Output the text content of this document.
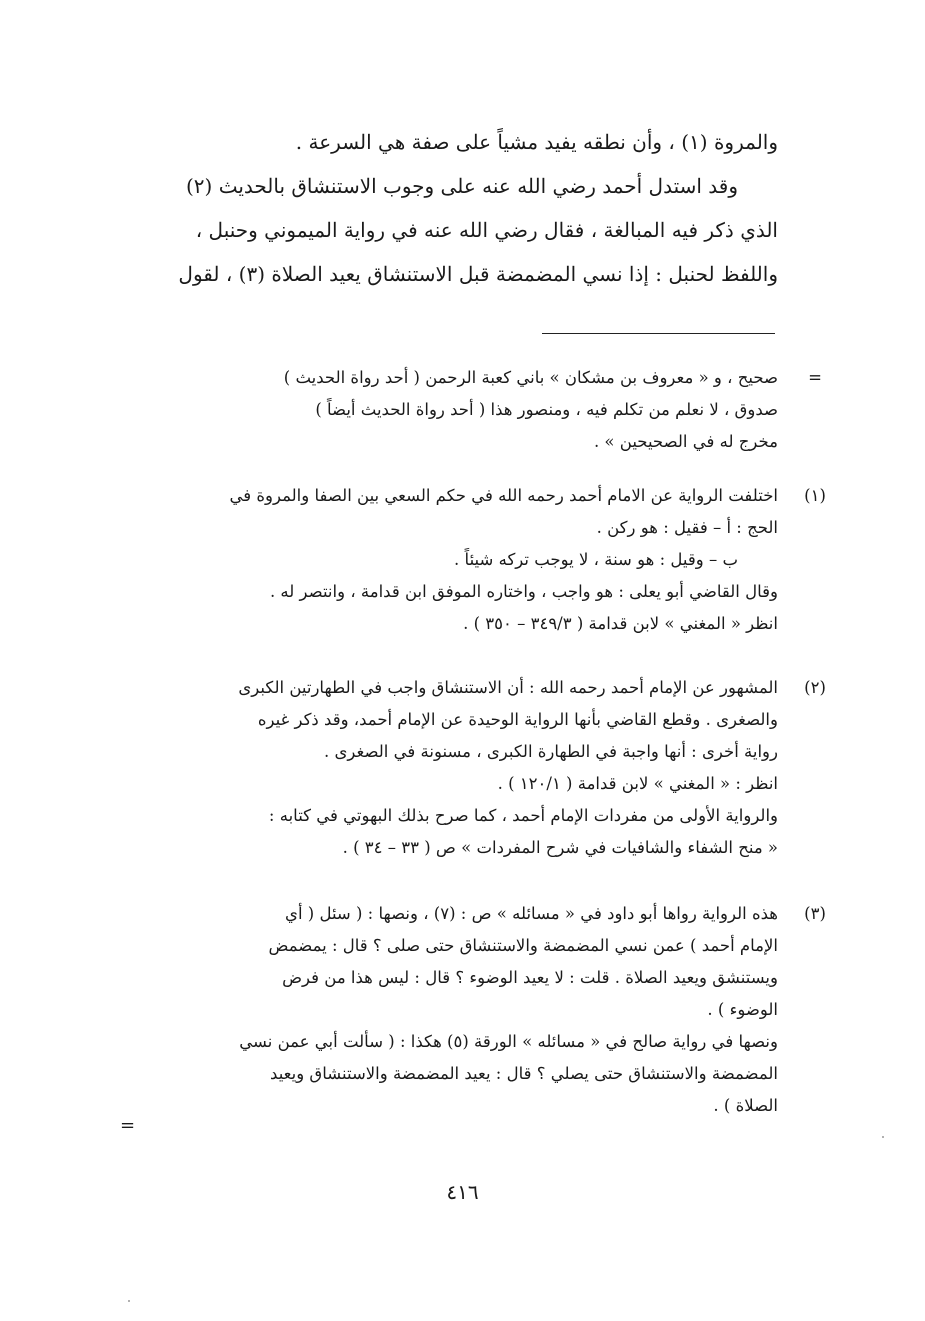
والمروة (١) ، وأن نطقه يفيد مشياً على صفة هي السرعة .
وقد استدل أحمد رضي الله عنه على وجوب الاستنشاق بالحديث (٢)
الذي ذكر فيه المبالغة ، فقال رضي الله عنه في رواية الميموني وحنبل ،
واللفظ لحنبل : إذا نسي المضمضة قبل الاستنشاق يعيد الصلاة (٣) ، لقول
=
صحيح ، و « معروف بن مشكان » باني كعبة الرحمن ( أحد رواة الحديث )
صدوق ، لا نعلم من تكلم فيه ، ومنصور هذا ( أحد رواة الحديث أيضاً )
مخرج له في الصحيحين » .
(١)
اختلفت الرواية عن الامام أحمد رحمه الله في حكم السعي بين الصفا والمروة في
الحج : أ – فقيل : هو ركن .
ب – وقيل : هو سنة ، لا يوجب تركه شيئاً .
وقال القاضي أبو يعلى : هو واجب ، واختاره الموفق ابن قدامة ، وانتصر له .
انظر « المغني » لابن قدامة ( ٣٤٩/٣ – ٣٥٠ ) .
(٢)
المشهور عن الإمام أحمد رحمه الله : أن الاستنشاق واجب في الطهارتين الكبرى
والصغرى . وقطع القاضي بأنها الرواية الوحيدة عن الإمام أحمد، وقد ذكر غيره
رواية أخرى : أنها واجبة في الطهارة الكبرى ، مسنونة في الصغرى .
انظر : « المغني » لابن قدامة ( ١٢٠/١ ) .
والرواية الأولى من مفردات الإمام أحمد ، كما صرح بذلك البهوتي في كتابه :
« منح الشفاء والشافيات في شرح المفردات » ص ( ٣٣ – ٣٤ ) .
(٣)
هذه الرواية رواها أبو داود في « مسائله » ص : (٧) ، ونصها : ( سئل ( أي
الإمام أحمد ) عمن نسي المضمضة والاستنشاق حتى صلى ؟ قال : يمضمض
ويستنشق ويعيد الصلاة . قلت : لا يعيد الوضوء ؟ قال : ليس هذا من فرض
الوضوء ) .
ونصها في رواية صالح في « مسائله » الورقة (٥) هكذا : ( سألت أبي عمن نسي
المضمضة والاستنشاق حتى يصلي ؟ قال : يعيد المضمضة والاستنشاق ويعيد
الصلاة ) .
=
٤١٦
